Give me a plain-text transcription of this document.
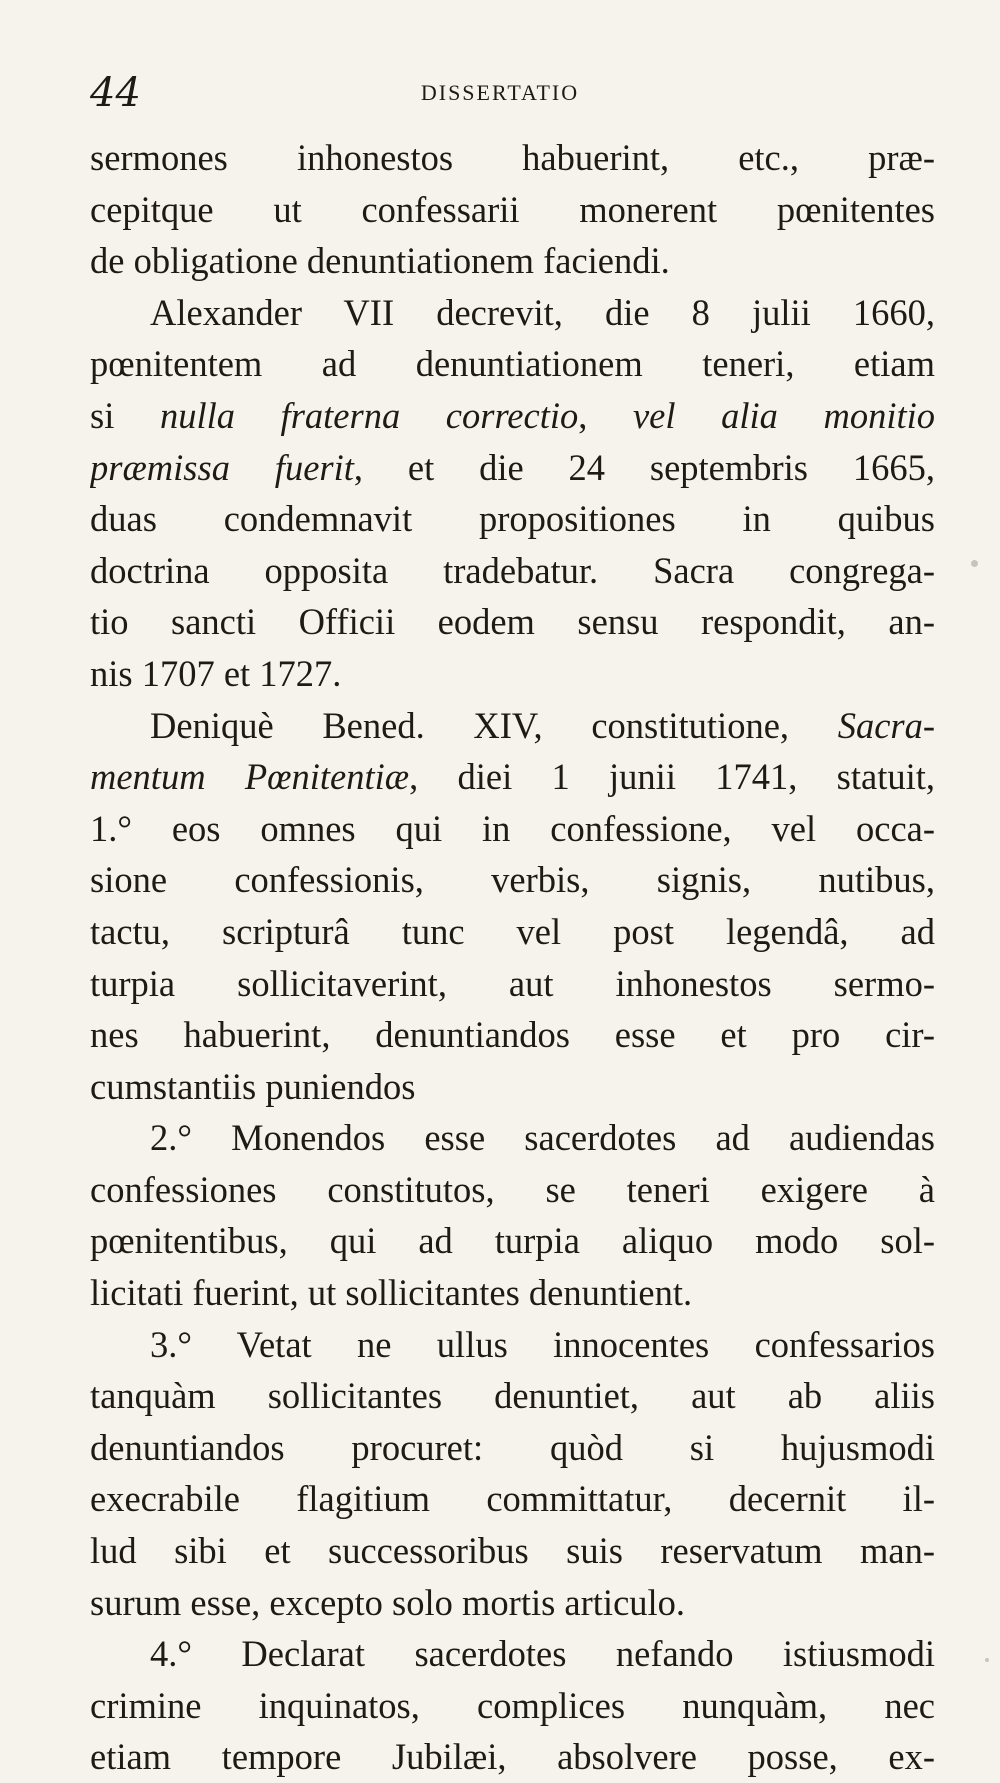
44	DISSERTATIO
sermones inhonestos habuerint, etc., præ-
cepitque ut confessarii monerent pœnitentes
de obligatione denuntiationem faciendi.
Alexander VII decrevit, die 8 julii 1660,
pœnitentem ad denuntiationem teneri, etiam
si nulla fraterna correctio, vel alia monitio
præmissa fuerit, et die 24 septembris 1665,
duas condemnavit propositiones in quibus
doctrina opposita tradebatur. Sacra congrega-
tio sancti Officii eodem sensu respondit, an-
nis 1707 et 1727.
Deniquè Bened. XIV, constitutione, Sacra-
mentum Pœnitentiæ, diei 1 junii 1741, statuit,
1.° eos omnes qui in confessione, vel occa-
sione confessionis, verbis, signis, nutibus,
tactu, scripturâ tunc vel post legendâ, ad
turpia sollicitaverint, aut inhonestos sermo-
nes habuerint, denuntiandos esse et pro cir-
cumstantiis puniendos
2.° Monendos esse sacerdotes ad audiendas
confessiones constitutos, se teneri exigere à
pœnitentibus, qui ad turpia aliquo modo sol-
licitati fuerint, ut sollicitantes denuntient.
3.° Vetat ne ullus innocentes confessarios
tanquàm sollicitantes denuntiet, aut ab aliis
denuntiandos procuret: quòd si hujusmodi
execrabile flagitium committatur, decernit il-
lud sibi et successoribus suis reservatum man-
surum esse, excepto solo mortis articulo.
4.° Declarat sacerdotes nefando istiusmodi
crimine inquinatos, complices nunquàm, nec
etiam tempore Jubilæi, absolvere posse, ex-
